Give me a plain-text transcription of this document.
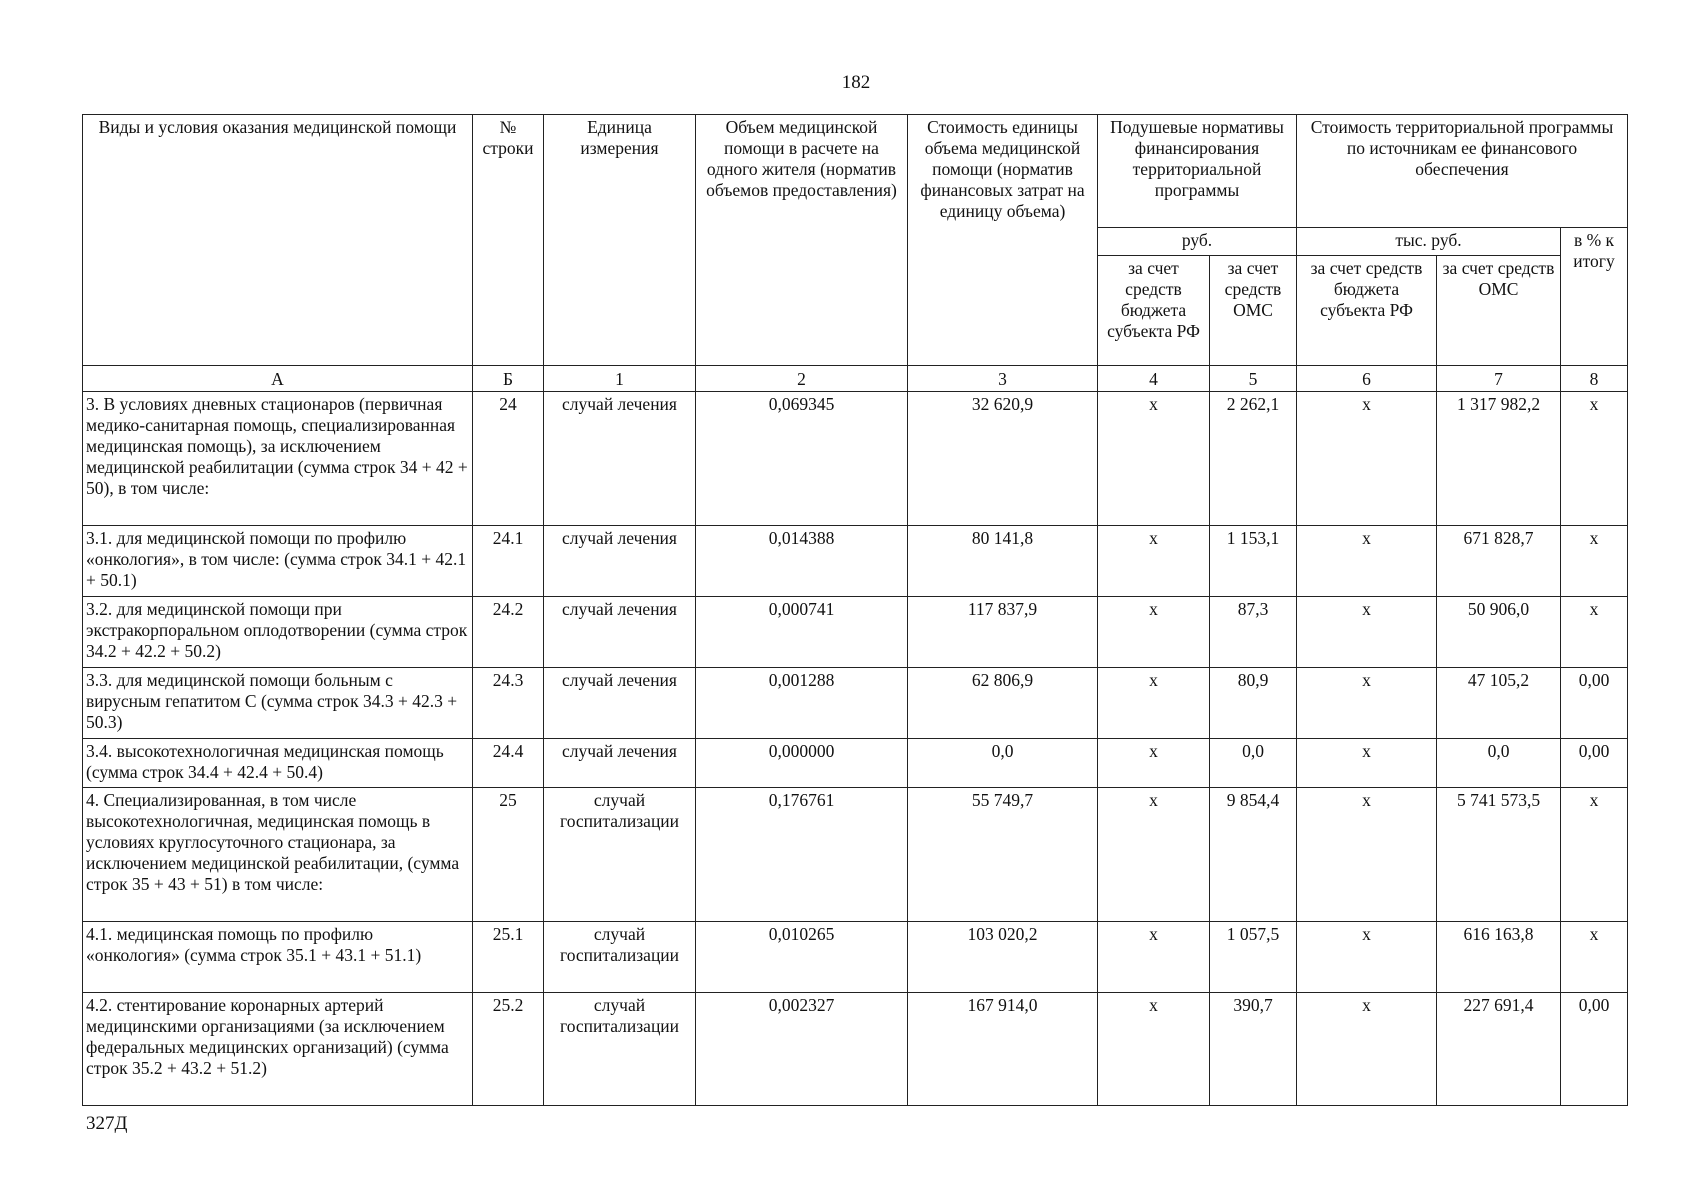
182
Виды и условия оказания медицинской помощи	№ строки	Единица измерения	Объем медицинской помощи в расчете на одного жителя (норматив объемов предоставления)	Стоимость единицы объема медицинской помощи (норматив финансовых затрат на единицу объема)	Подушевые нормативы финансирования территориальной программы		Стоимость территориальной программы по источникам ее финансового обеспечения		
					руб.		тыс. руб.		в % к итогу
					за счет средств бюджета субъекта РФ	за счет средств ОМС	за счет средств бюджета субъекта РФ	за счет средств ОМС	
А	Б	1	2	3	4	5	6	7	8
3. В условиях дневных стационаров (первичная медико-санитарная помощь, специализированная медицинская помощь), за исключением медицинской реабилитации (сумма строк 34 + 42 + 50), в том числе:	24	случай лечения	0,069345	32 620,9	х	2 262,1	х	1 317 982,2	х
3.1. для медицинской помощи по профилю «онкология», в том числе: (сумма строк 34.1 + 42.1 + 50.1)	24.1	случай лечения	0,014388	80 141,8	х	1 153,1	х	671 828,7	х
3.2. для медицинской помощи при экстракорпоральном оплодотворении (сумма строк 34.2 + 42.2 + 50.2)	24.2	случай лечения	0,000741	117 837,9	х	87,3	х	50 906,0	х
3.3. для медицинской помощи больным с вирусным гепатитом С (сумма строк 34.3 + 42.3 + 50.3)	24.3	случай лечения	0,001288	62 806,9	х	80,9	х	47 105,2	0,00
3.4. высокотехнологичная медицинская помощь (сумма строк 34.4 + 42.4 + 50.4)	24.4	случай лечения	0,000000	0,0	х	0,0	х	0,0	0,00
4. Специализированная, в том числе высокотехнологичная, медицинская помощь в условиях круглосуточного стационара, за исключением медицинской реабилитации, (сумма строк 35 + 43 + 51) в том числе:	25	случай госпитализации	0,176761	55 749,7	х	9 854,4	х	5 741 573,5	х
4.1. медицинская помощь по профилю «онкология» (сумма строк 35.1 + 43.1 + 51.1)	25.1	случай госпитализации	0,010265	103 020,2	х	1 057,5	х	616 163,8	х
4.2. стентирование коронарных артерий медицинскими организациями (за исключением федеральных медицинских организаций) (сумма строк 35.2 + 43.2 + 51.2)	25.2	случай госпитализации	0,002327	167 914,0	х	390,7	х	227 691,4	0,00
327Д
